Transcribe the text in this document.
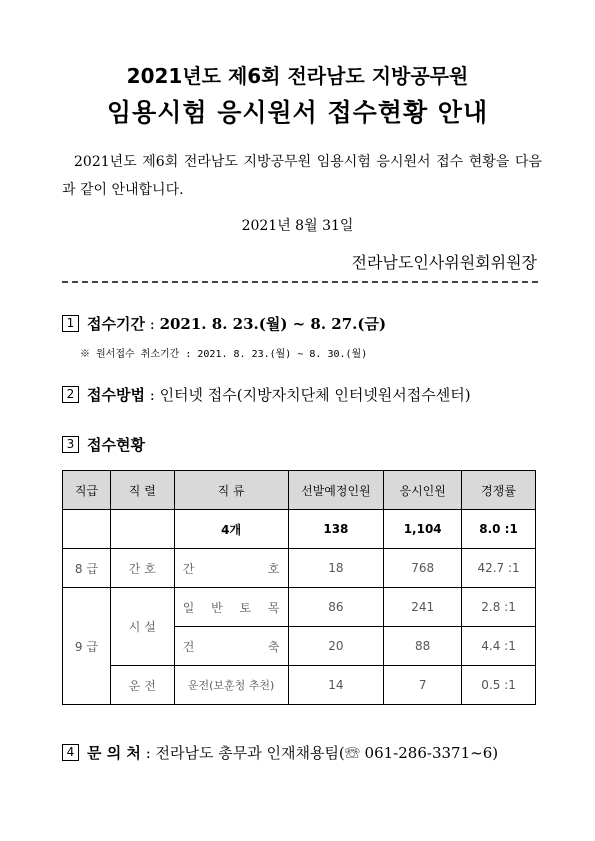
2021년도 제6회 전라남도 지방공무원
임용시험 응시원서 접수현황 안내
2021년도 제6회 전라남도 지방공무원 임용시험 응시원서 접수 현황을 다음과 같이 안내합니다.
2021년 8월 31일
전라남도인사위원회위원장
1 접수기간 : 2021. 8. 23.(월) ~ 8. 27.(금)
※ 원서접수 취소기간 : 2021. 8. 23.(월) ~ 8. 30.(월)
2 접수방법 : 인터넷 접수(지방자치단체 인터넷원서접수센터)
3 접수현황
직급	직 렬	직 류	선발예정인원	응시인원	경쟁률
		4개	138	1,104	8.0 :1
8 급	간 호	간 호	18	768	42.7 :1
9 급	시 설	일 반 토 목	86	241	2.8 :1

		건 축	20	88	4.4 :1
	운 전	운전(보훈청 추천)	14	7	0.5 :1
4 문 의 처 : 전라남도 총무과 인재채용팀(☏ 061-286-3371~6)
